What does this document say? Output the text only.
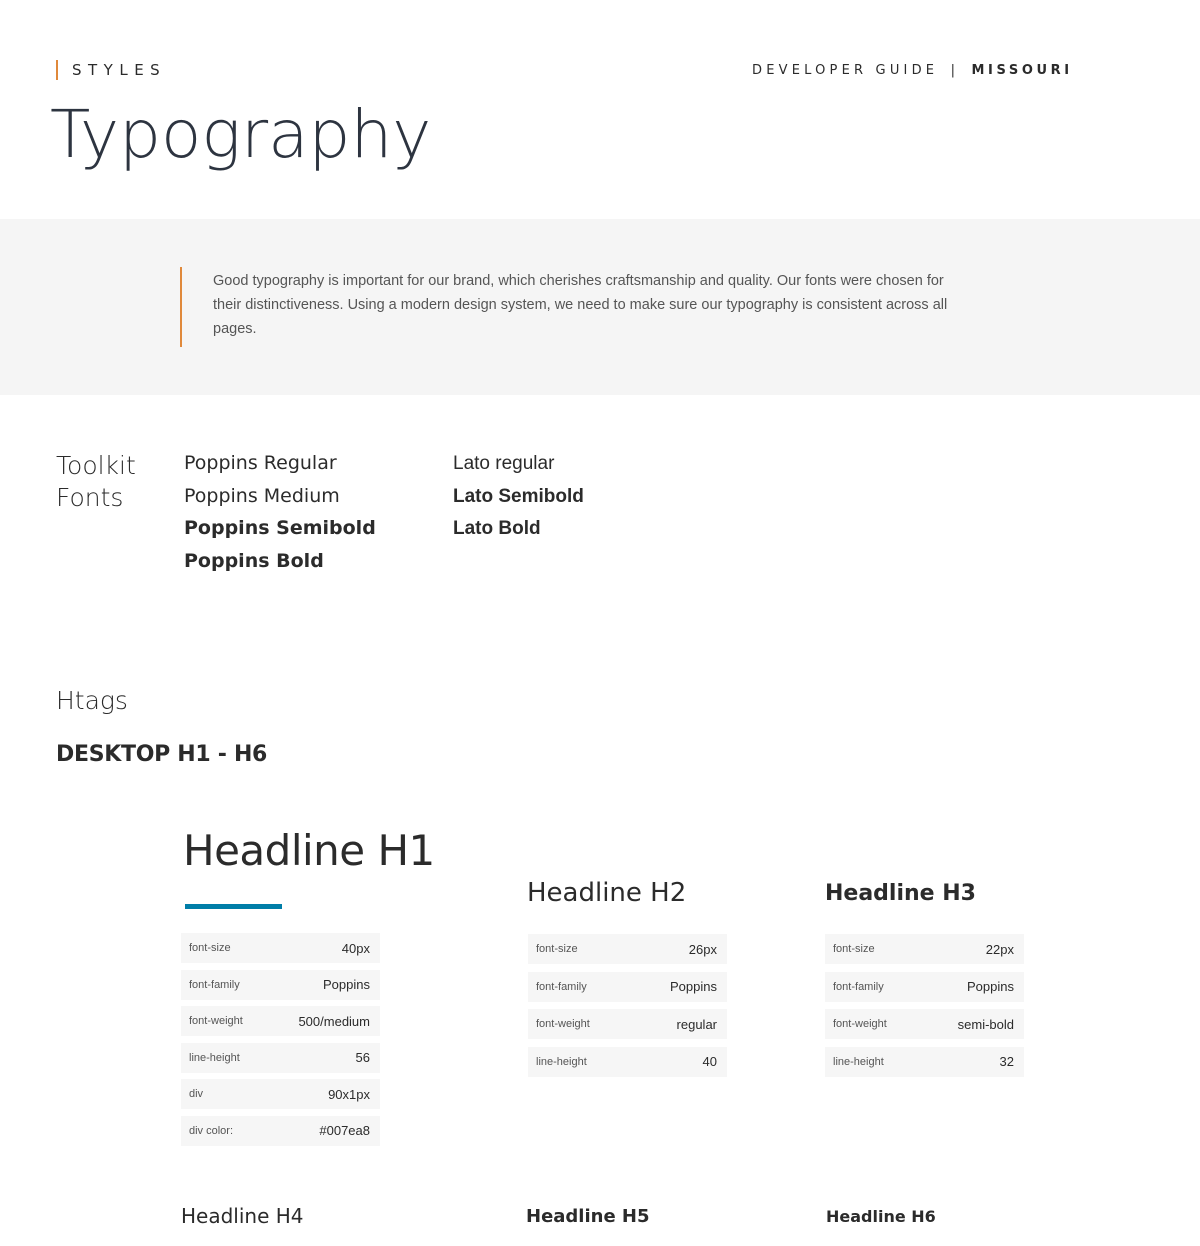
STYLES	DEVELOPER GUIDE | MISSOURI
Typography

Good typography is important for our brand, which cherishes craftsmanship and quality. Our fonts were chosen for their distinctiveness. Using a modern design system, we need to make sure our typography is consistent across all pages.

Toolkit
Fonts
Poppins Regular
Poppins Medium
Poppins Semibold
Poppins Bold
Lato regular
Lato Semibold
Lato Bold
Htags
DESKTOP H1 - H6
Headline H1
font-size	40px
font-family	Poppins
font-weight	500/medium
line-height	56
div	90x1px
div color:	#007ea8
Headline H2
font-size	26px
font-family	Poppins
font-weight	regular
line-height	40
Headline H3
font-size	22px
font-family	Poppins
font-weight	semi-bold
line-height	32
Headline H4	Headline H5	Headline H6
